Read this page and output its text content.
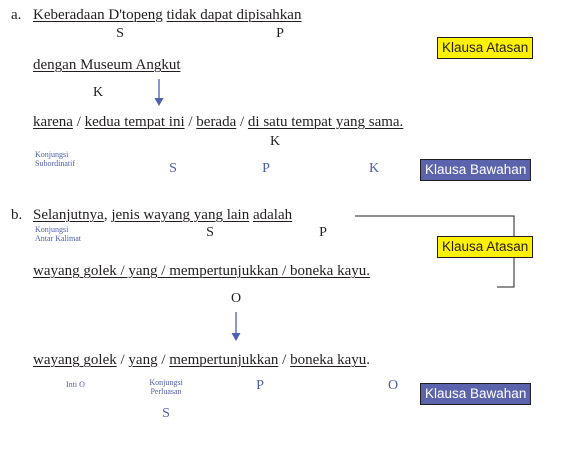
a. Keberadaan D'topeng tidak dapat dipisahkan
S	P
Klausa Atasan
dengan Museum Angkut
K
karena / kedua tempat ini / berada / di satu tempat yang sama.
K
Konjungsi Subordinatif	S	P	K	Klausa Bawahan
b. Selanjutnya, jenis wayang yang lain adalah
Konjungsi Antar Kalimat	S	P
Klausa Atasan
wayang golek / yang / mempertunjukkan / boneka kayu.
O
wayang golek / yang / mempertunjukkan / boneka kayu.
Inti O	Konjungsi Perluasan
S
P	O
Klausa Bawahan
